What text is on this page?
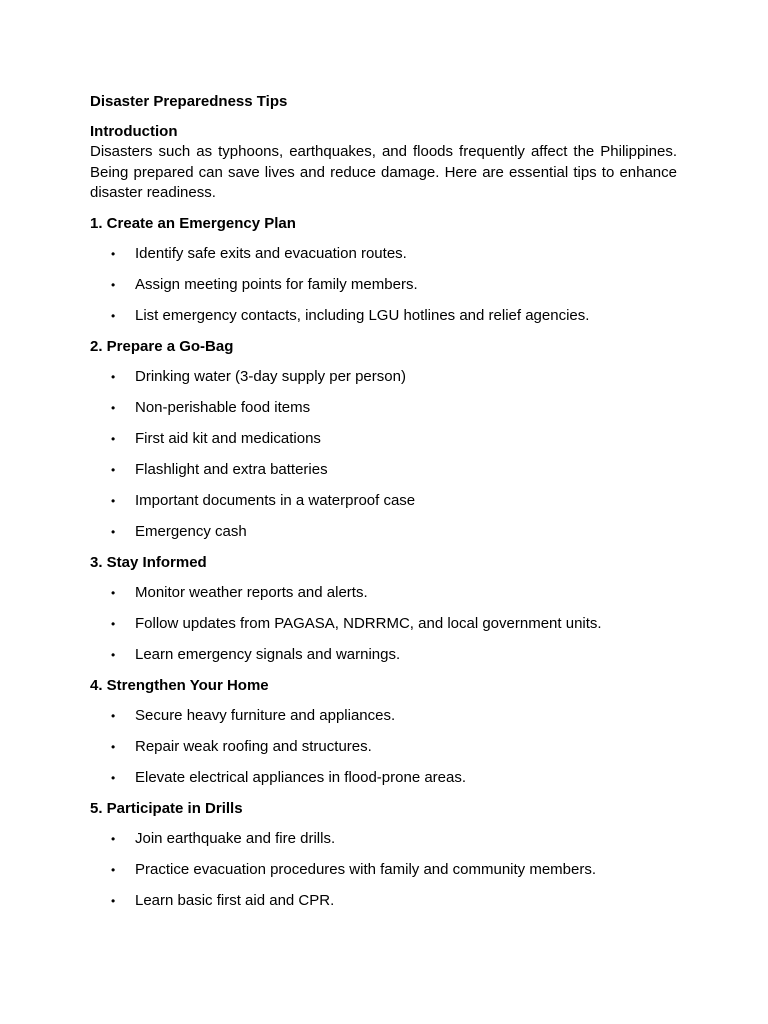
Disaster Preparedness Tips
Introduction

Disasters such as typhoons, earthquakes, and floods frequently affect the Philippines. Being prepared can save lives and reduce damage. Here are essential tips to enhance disaster readiness.

1. Create an Emergency Plan
• Identify safe exits and evacuation routes.
• Assign meeting points for family members.
• List emergency contacts, including LGU hotlines and relief agencies.
2. Prepare a Go-Bag
• Drinking water (3-day supply per person)
• Non-perishable food items
• First aid kit and medications
• Flashlight and extra batteries
• Important documents in a waterproof case
• Emergency cash
3. Stay Informed
• Monitor weather reports and alerts.
• Follow updates from PAGASA, NDRRMC, and local government units.
• Learn emergency signals and warnings.
4. Strengthen Your Home
• Secure heavy furniture and appliances.
• Repair weak roofing and structures.
• Elevate electrical appliances in flood-prone areas.
5. Participate in Drills
• Join earthquake and fire drills.
• Practice evacuation procedures with family and community members.
• Learn basic first aid and CPR.
